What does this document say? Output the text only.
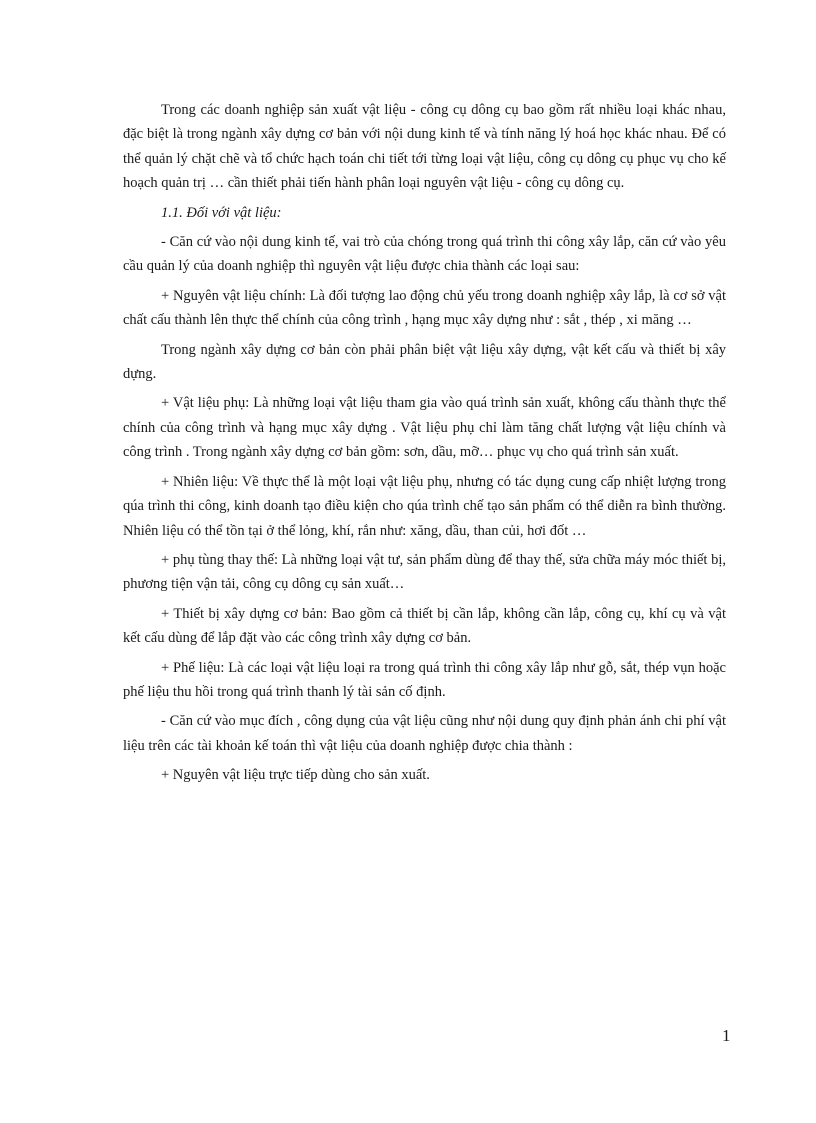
Trong các doanh nghiệp sản xuất vật liệu - công cụ dông cụ bao gồm rất nhiều loại khác nhau, đặc biệt là trong ngành xây dựng cơ bản với nội dung kinh tế và tính năng lý hoá học khác nhau. Để có thể quản lý chặt chẽ và tổ chức hạch toán chi tiết tới từng loại vật liệu, công cụ dông cụ phục vụ cho kế hoạch quản trị … cần thiết phải tiến hành phân loại nguyên vật liệu - công cụ dông cụ.

1.1. Đối với vật liệu:

- Căn cứ vào nội dung kinh tế, vai trò của chóng trong quá trình thi công xây lắp, căn cứ vào yêu cầu quản lý của doanh nghiệp thì nguyên vật liệu được chia thành các loại sau:

+ Nguyên vật liệu chính: Là đối tượng lao động chủ yếu trong doanh nghiệp xây lắp, là cơ sở vật chất cấu thành lên thực thể chính của công trình , hạng mục xây dựng như : sắt , thép , xi măng …

Trong ngành xây dựng cơ bản còn phải phân biệt vật liệu xây dựng, vật kết cấu và thiết bị xây dựng.

+ Vật liệu phụ: Là những loại vật liệu tham gia vào quá trình sản xuất, không cấu thành thực thể chính của công trình và hạng mục xây dựng . Vật liệu phụ chỉ làm tăng chất lượng vật liệu chính và công trình . Trong ngành xây dựng cơ bản gồm: sơn, dầu, mỡ… phục vụ cho quá trình sản xuất.

+ Nhiên liệu: Về thực thể là một loại vật liệu phụ, nhưng có tác dụng cung cấp nhiệt lượng trong qúa trình thi công, kinh doanh tạo điều kiện cho qúa trình chế tạo sản phẩm có thể diễn ra bình thường. Nhiên liệu có thể tồn tại ở thể lỏng, khí, rắn như: xăng, dầu, than củi, hơi đốt …

+ phụ tùng thay thế: Là những loại vật tư, sản phẩm dùng để thay thế, sửa chữa máy móc thiết bị, phương tiện vận tải, công cụ dông cụ sản xuất…

+ Thiết bị xây dựng cơ bản: Bao gồm cả thiết bị cần lắp, không cần lắp, công cụ, khí cụ và vật kết cấu dùng để lắp đặt vào các công trình xây dựng cơ bản.

+ Phế liệu: Là các loại vật liệu loại ra trong quá trình thi công xây lắp như gỗ, sắt, thép vụn hoặc phế liệu thu hồi trong quá trình thanh lý tài sản cố định.

- Căn cứ vào mục đích , công dụng của vật liệu cũng như nội dung quy định phản ánh chi phí vật liệu trên các tài khoản kế toán thì vật liệu của doanh nghiệp được chia thành :

+ Nguyên vật liệu trực tiếp dùng cho sản xuất.

1
